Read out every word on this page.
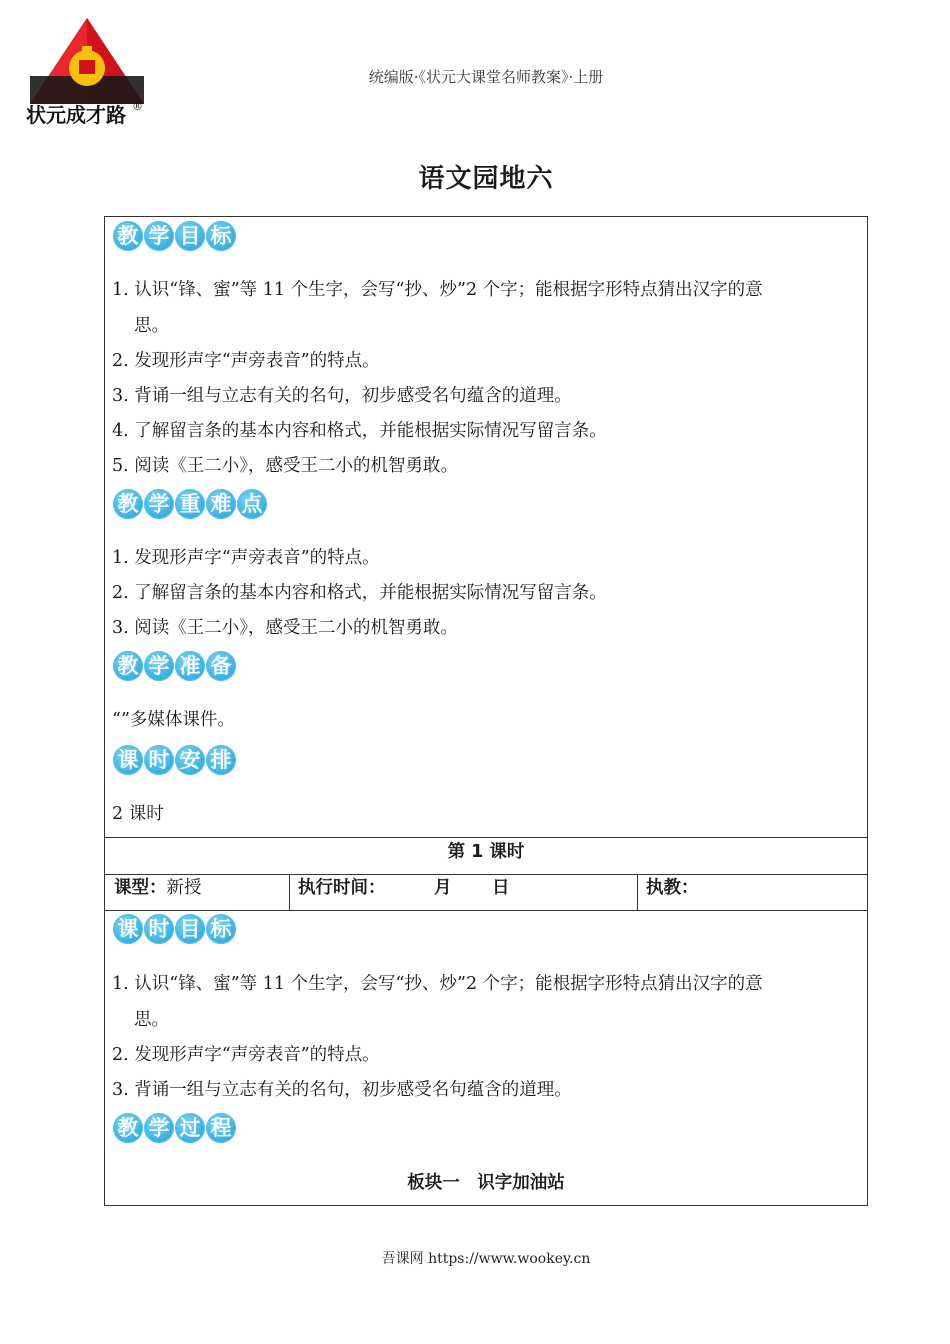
状元成才路 ®
统编版·《状元大课堂名师教案》·上册
语文园地六
教 学 目 标
1. 认识“锋、蜜”等 11 个生字，会写“抄、炒”2 个字；能根据字形特点猜出汉字的意
思。
2. 发现形声字“声旁表音”的特点。
3. 背诵一组与立志有关的名句，初步感受名句蕴含的道理。
4. 了解留言条的基本内容和格式，并能根据实际情况写留言条。
5. 阅读《王二小》，感受王二小的机智勇敢。
教 学 重 难 点
1. 发现形声字“声旁表音”的特点。
2. 了解留言条的基本内容和格式，并能根据实际情况写留言条。
3. 阅读《王二小》，感受王二小的机智勇敢。
教 学 准 备
“”多媒体课件。
课 时 安 排
2 课时
第 1 课时
课型：新授	执行时间：	月 日	执教：
课 时 目 标
1. 认识“锋、蜜”等 11 个生字，会写“抄、炒”2 个字；能根据字形特点猜出汉字的意
思。
2. 发现形声字“声旁表音”的特点。
3. 背诵一组与立志有关的名句，初步感受名句蕴含的道理。
教 学 过 程
板块一　识字加油站
吾课网 https://www.wookey.cn
